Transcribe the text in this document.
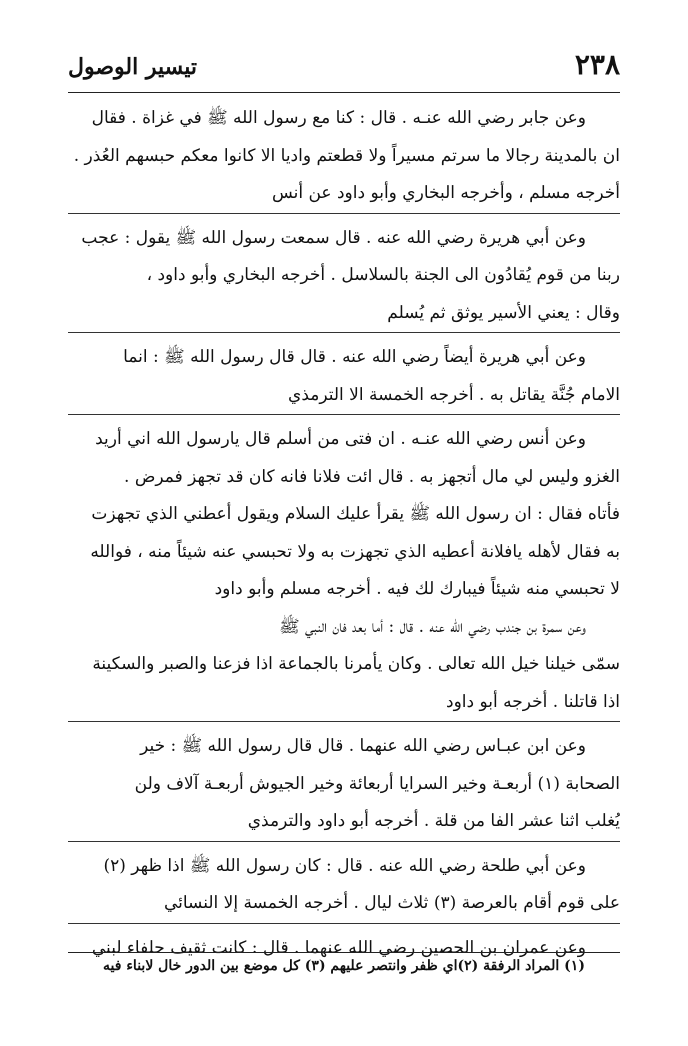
٢٣٨
تيسير الوصول
وعن جابر رضي الله عنـه . قال : كنا مع رسول الله ﷺ في غزاة . فقال
ان بالمدينة رجالا ما سرتم مسيراً ولا قطعتم واديا الا كانوا معكم حبسهم العُذر .
أخرجه مسلم ، وأخرجه البخاري وأبو داود عن أنس
وعن أبي هريرة رضي الله عنه . قال سمعت رسول الله ﷺ يقول : عجب
ربنا من قوم يُقادُون الى الجنة بالسلاسل . أخرجه البخاري وأبو داود ،
وقال : يعني الأسير يوثق ثم يُسلم
وعن أبي هريرة أيضاً رضي الله عنه . قال قال رسول الله ﷺ : انما
الامام جُنَّة يقاتل به . أخرجه الخمسة الا الترمذي
وعن أنس رضي الله عنـه . ان فتى من أسلم قال يارسول الله اني أريد
الغزو وليس لي مال أتجهز به . قال ائت فلانا فانه كان قد تجهز فمرض .
فأتاه فقال : ان رسول الله ﷺ يقرأ عليك السلام ويقول أعطني الذي تجهزت
به فقال لأهله يافلانة أعطيه الذي تجهزت به ولا تحبسي عنه شيئاً منه ، فوالله
لا تحبسي منه شيئاً فيبارك لك فيه . أخرجه مسلم وأبو داود
وعن سمرة بن جندب رضي الله عنه . قال : أما بعد فان النبي ﷺ
سمّى خيلنا خيل الله تعالى . وكان يأمرنا بالجماعة اذا فزعنا والصبر والسكينة
اذا قاتلنا . أخرجه أبو داود
وعن ابن عبـاس رضي الله عنهما . قال قال رسول الله ﷺ : خير
الصحابة (١) أربعـة وخير السرايا أربعائة وخير الجيوش أربعـة آلاف ولن
يُغلب اثنا عشر الفا من قلة . أخرجه أبو داود والترمذي
وعن أبي طلحة رضي الله عنه . قال : كان رسول الله ﷺ اذا ظهر (٢)
على قوم أقام بالعرصة (٣) ثلاث ليال . أخرجه الخمسة إلا النسائي
وعن عمران بن الحصين رضي الله عنهما . قال : كانت ثقيف حلفاء لبني
(١) المراد الرفقة (٢)اي ظفر وانتصر عليهم (٣) كل موضع بين الدور خال لابناء فيه
